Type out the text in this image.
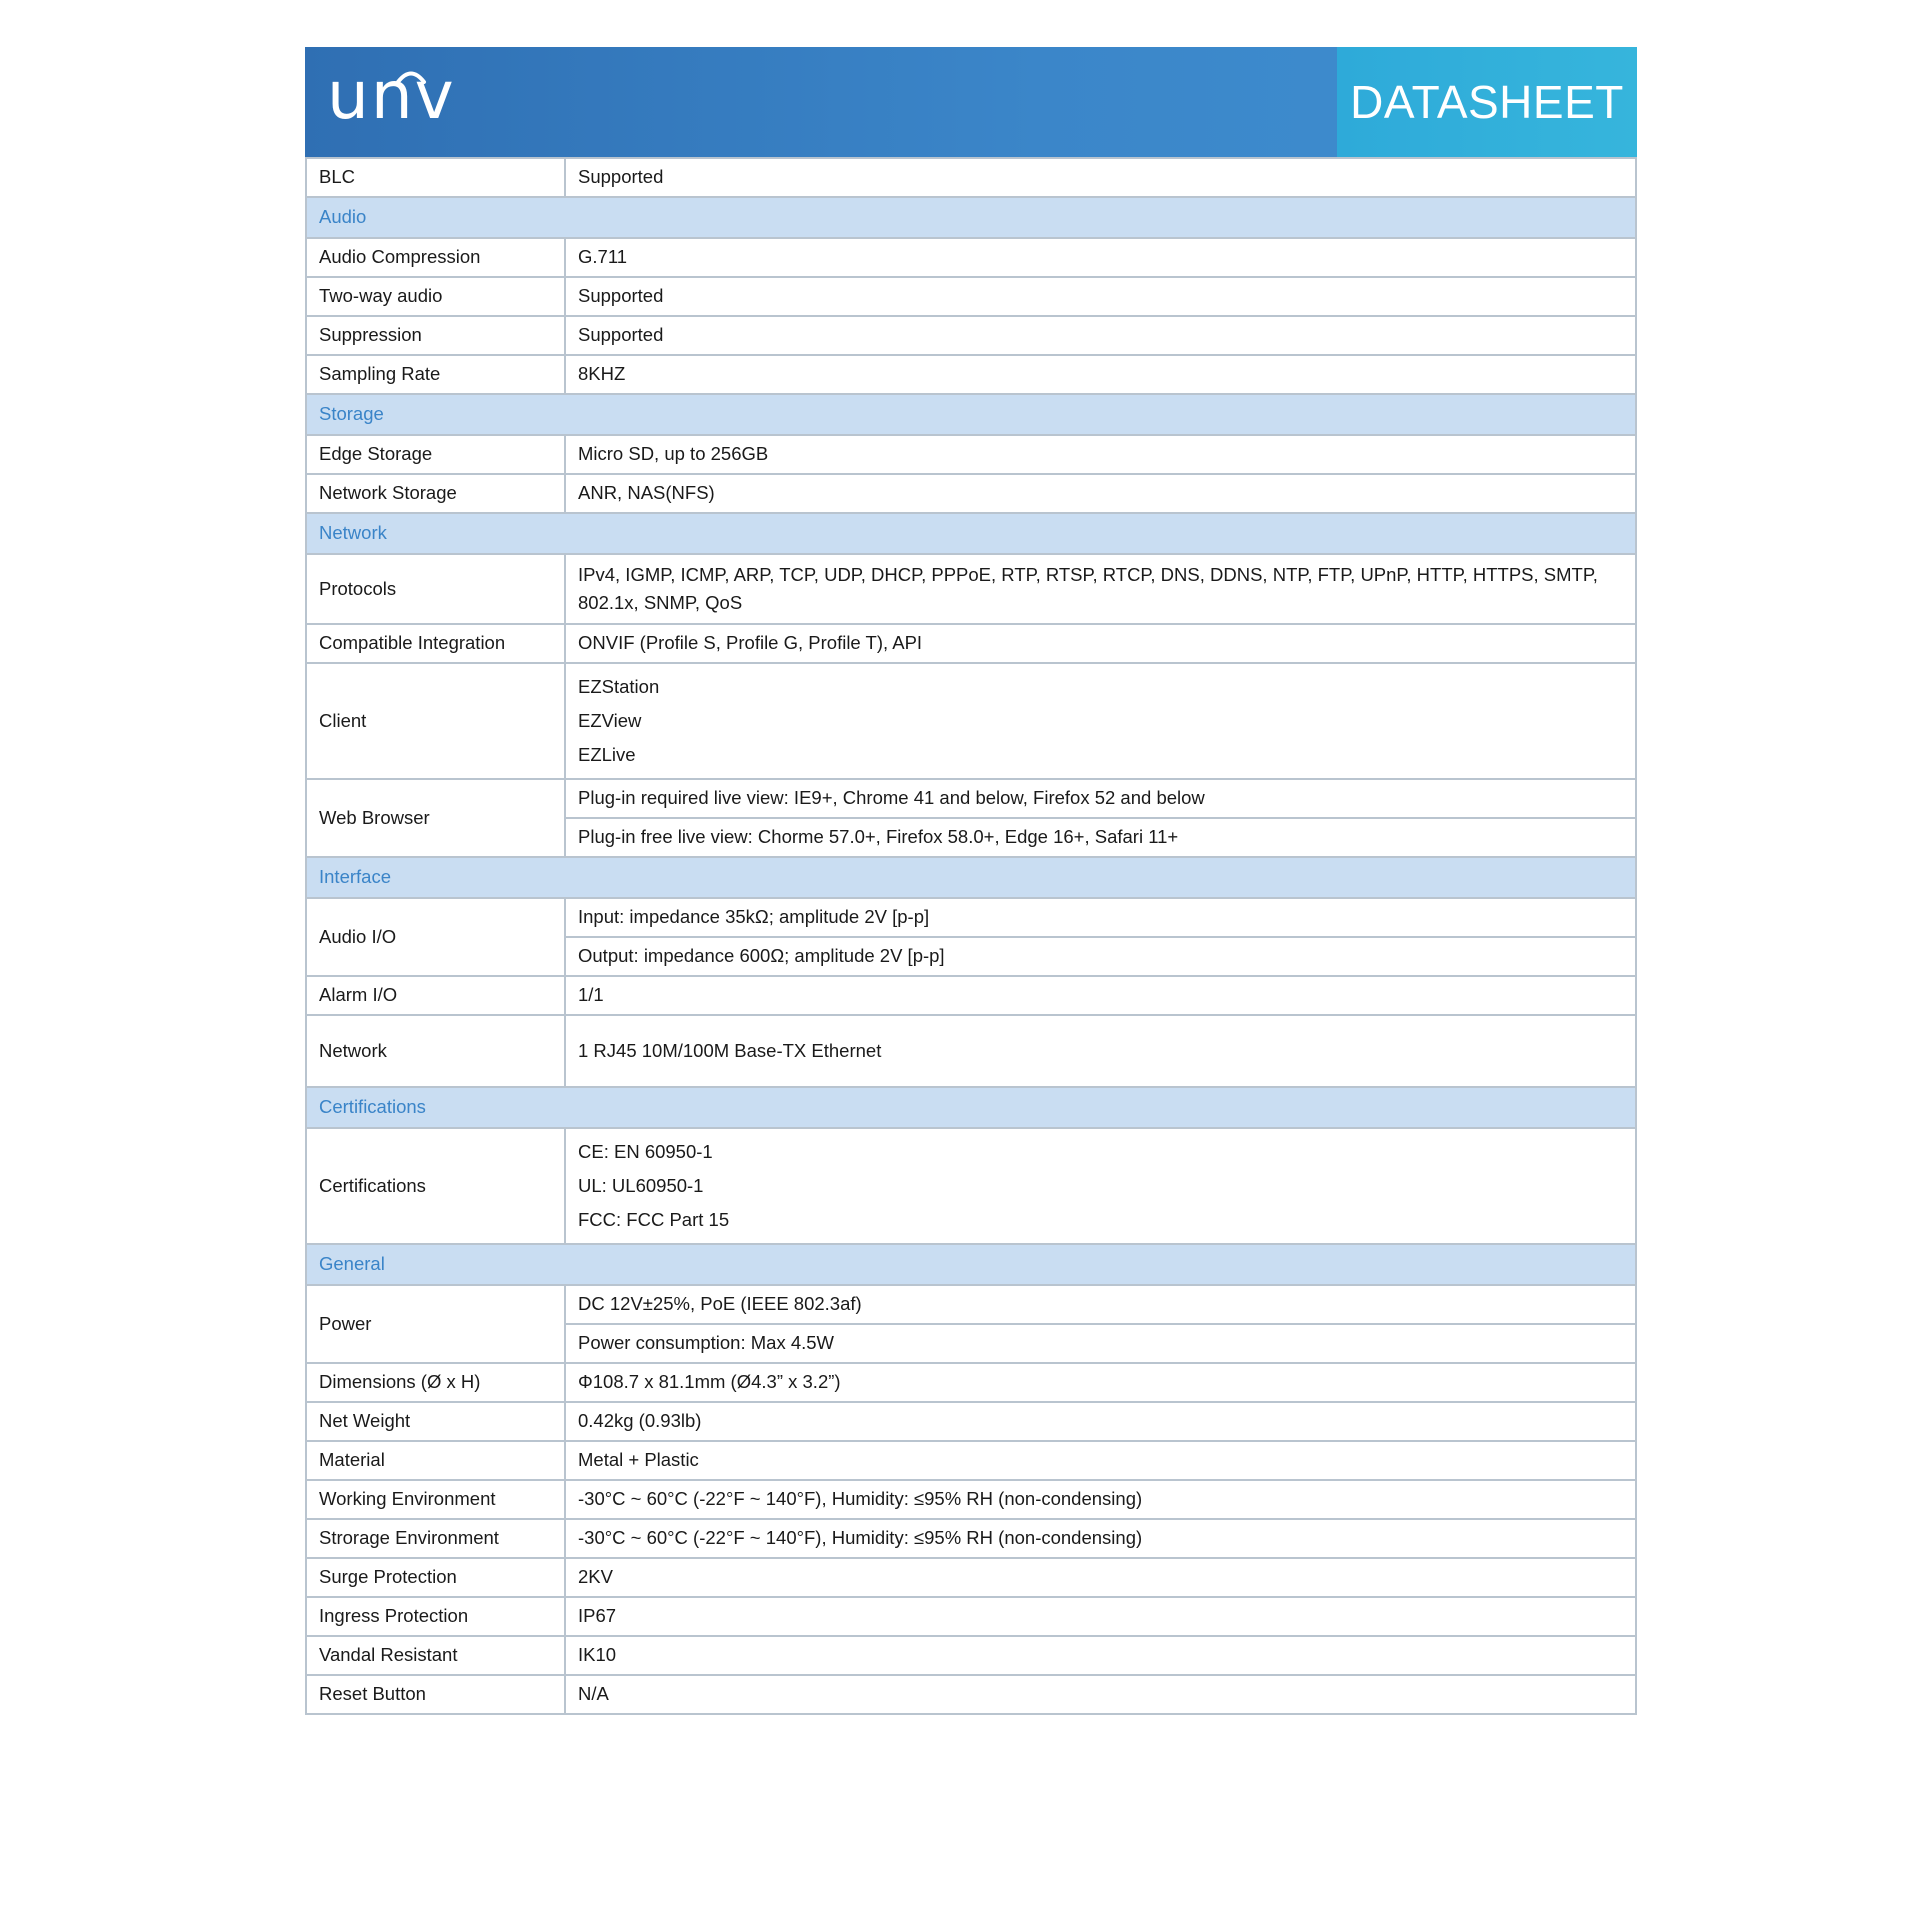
unv	DATASHEET
BLC	Supported
Audio	
Audio Compression	G.711
Two-way audio	Supported
Suppression	Supported
Sampling Rate	8KHZ
Storage	
Edge Storage	Micro SD, up to 256GB
Network Storage	ANR, NAS(NFS)
Network	
Protocols	IPv4, IGMP, ICMP, ARP, TCP, UDP, DHCP, PPPoE, RTP, RTSP, RTCP, DNS, DDNS, NTP, FTP, UPnP, HTTP, HTTPS, SMTP, 802.1x, SNMP, QoS
Compatible Integration	ONVIF (Profile S, Profile G, Profile T), API
Client	EZStation
EZView
EZLive

Web Browser	Plug-in required live view: IE9+, Chrome 41 and below, Firefox 52 and below
	Plug-in free live view: Chorme 57.0+, Firefox 58.0+, Edge 16+, Safari 11+
Interface	
Audio I/O	Input: impedance 35kΩ; amplitude 2V [p-p]
	Output: impedance 600Ω; amplitude 2V [p-p]
Alarm I/O	1/1
Network	1 RJ45 10M/100M Base-TX Ethernet
Certifications	
Certifications	CE: EN 60950-1
UL: UL60950-1
FCC: FCC Part 15

General	
Power	DC 12V±25%, PoE (IEEE 802.3af)
	Power consumption: Max 4.5W
Dimensions (Ø x H)	Φ108.7 x 81.1mm (Ø4.3” x 3.2”)
Net Weight	0.42kg (0.93lb)
Material	Metal + Plastic
Working Environment	-30°C ~ 60°C (-22°F ~ 140°F), Humidity: ≤95% RH (non-condensing)
Strorage Environment	-30°C ~ 60°C (-22°F ~ 140°F), Humidity: ≤95% RH (non-condensing)
Surge Protection	2KV
Ingress Protection	IP67
Vandal Resistant	IK10
Reset Button	N/A
